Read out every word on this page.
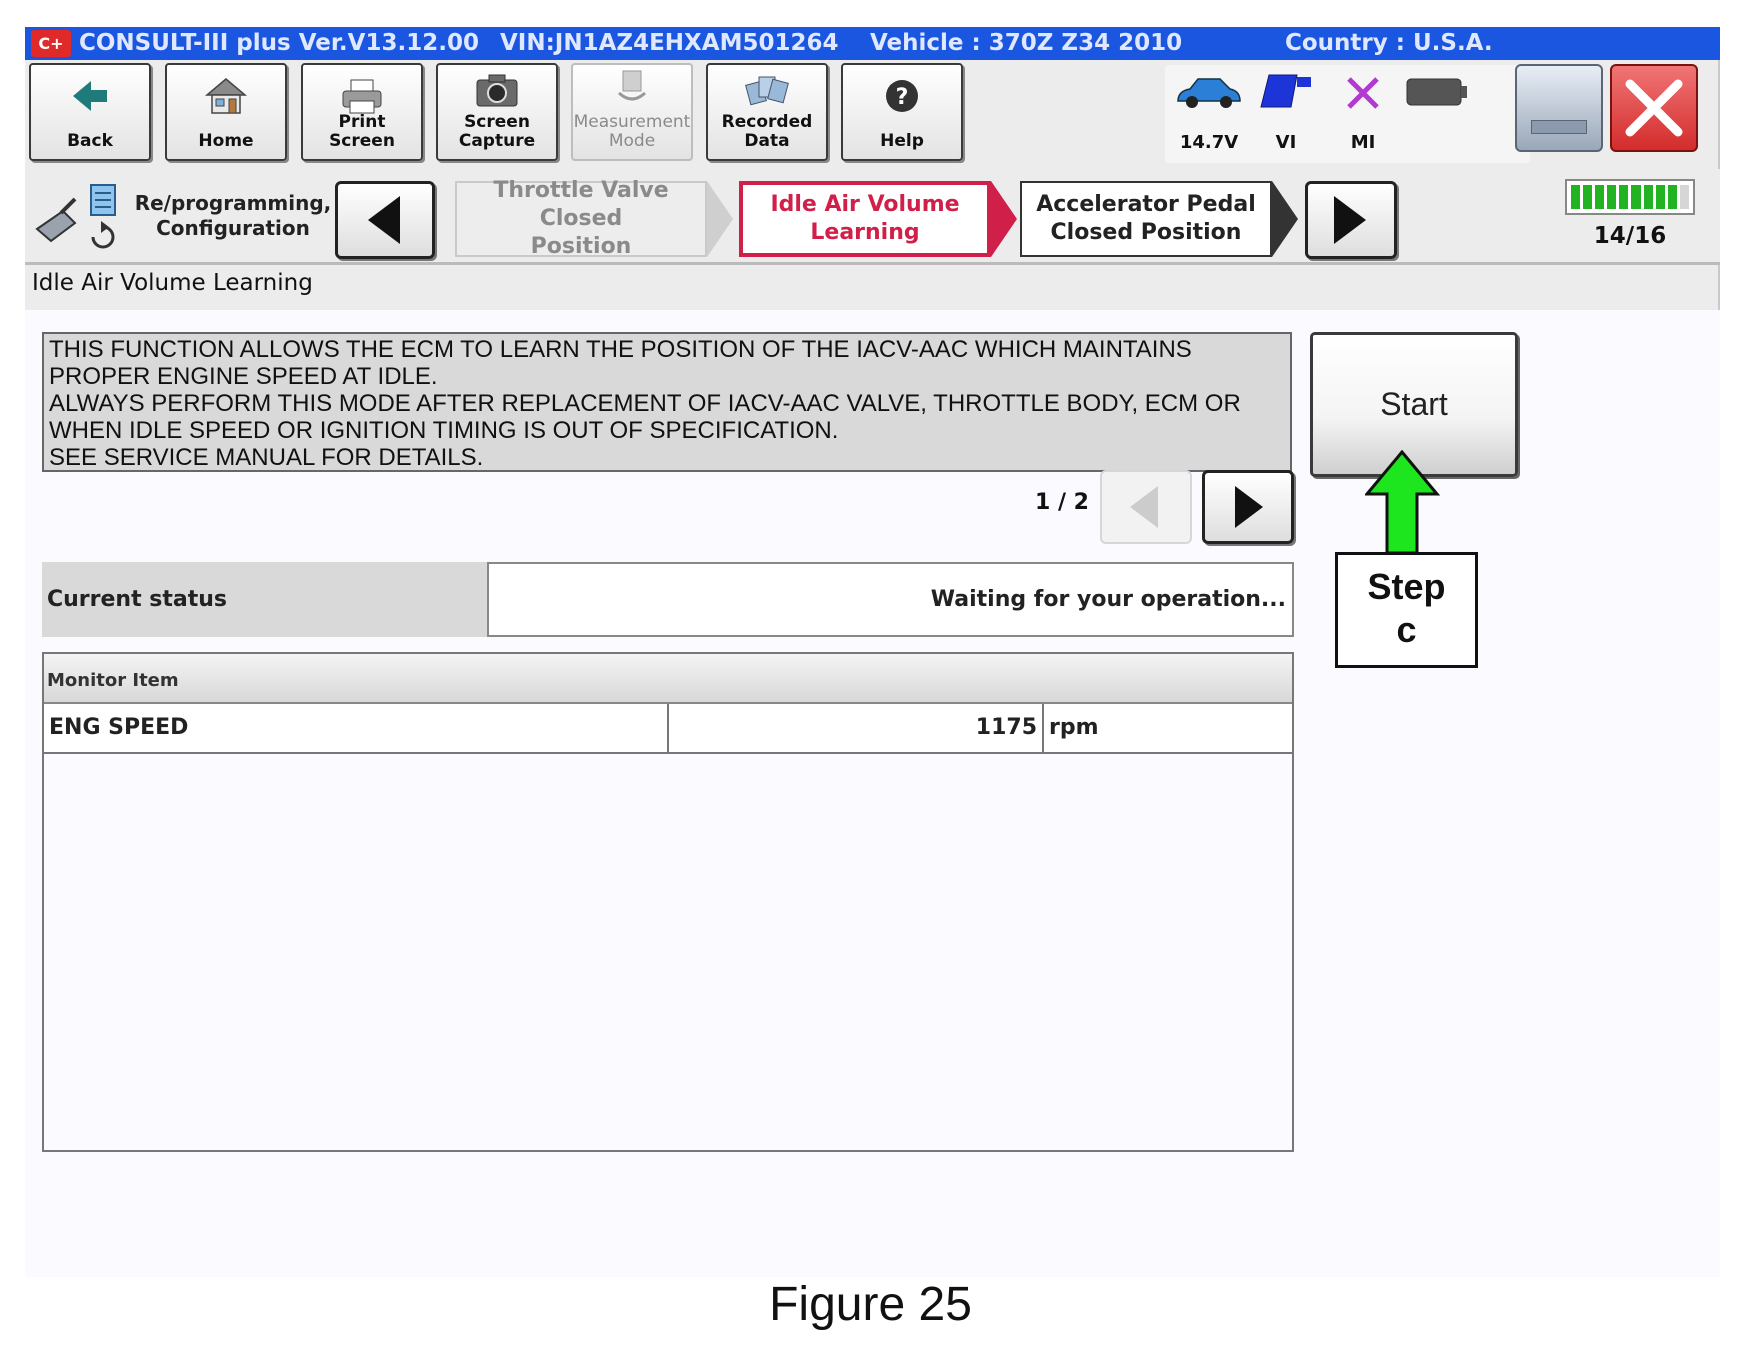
C+ CONSULT-III plus Ver.V13.12.00 VIN:JN1AZ4EHXAM501264 Vehicle : 370Z Z34 2010	Country : U.S.A.
Back	Home
Print Screen
Screen
Capture
Measurement
Mode
Recorded
Data
?
Help	14.7V	VI	MI
Re/programming,
Configuration
Throttle Valve Closed
Position
Idle Air Volume
Learning
Accelerator Pedal
Closed Position	14/16
Idle Air Volume Learning
THIS FUNCTION ALLOWS THE ECM TO LEARN THE POSITION OF THE IACV-AAC WHICH MAINTAINS
PROPER ENGINE SPEED AT IDLE.
ALWAYS PERFORM THIS MODE AFTER REPLACEMENT OF IACV-AAC VALVE, THROTTLE BODY, ECM OR
WHEN IDLE SPEED OR IGNITION TIMING IS OUT OF SPECIFICATION.
SEE SERVICE MANUAL FOR DETAILS.
1 / 2
Start
Step
c
Current status	Waiting for your operation...
Monitor Item
ENG SPEED	1175 rpm
Figure 25
